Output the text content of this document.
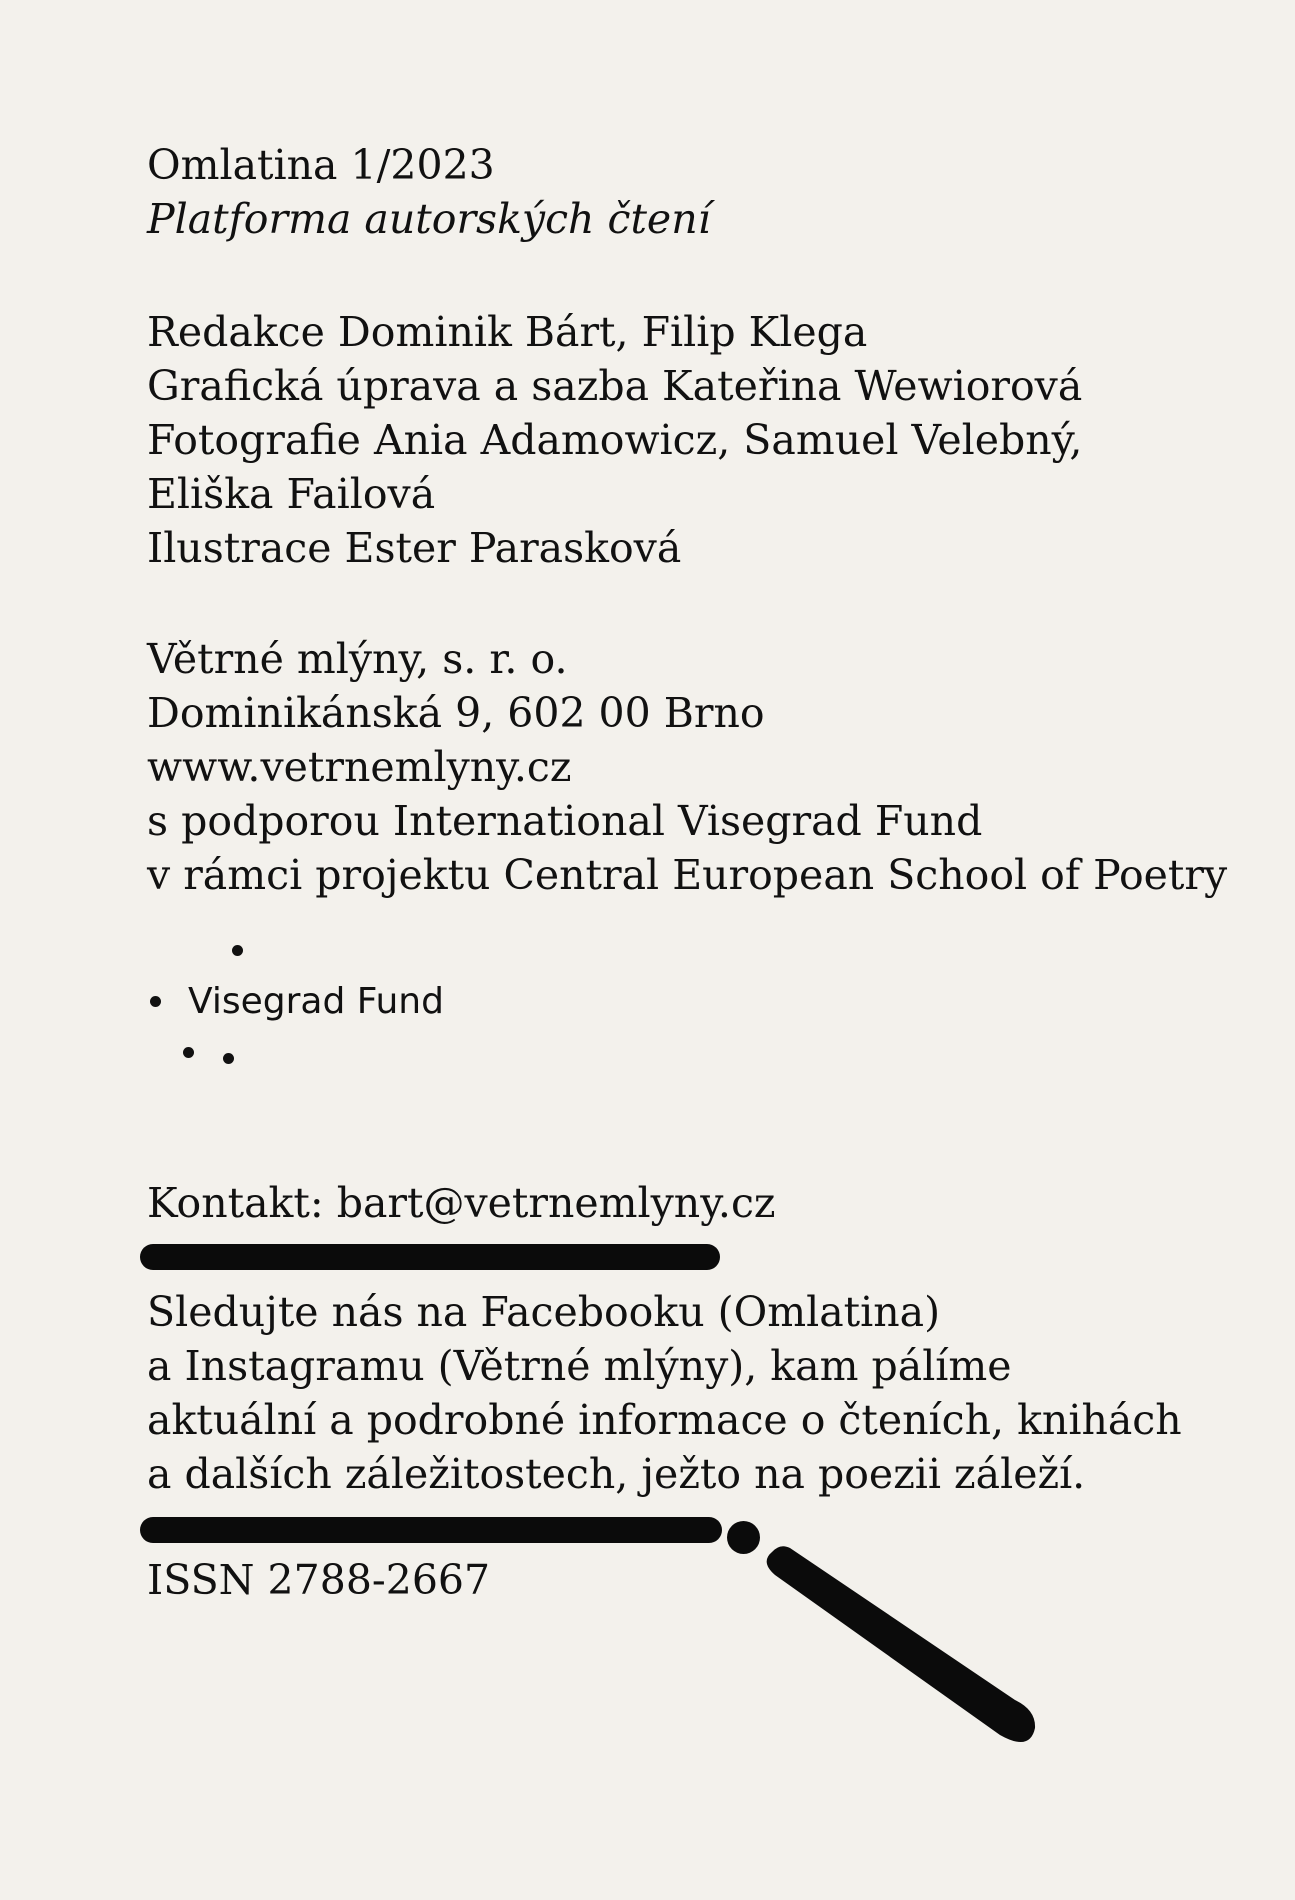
Omlatina 1/2023
Platforma autorských čtení
Redakce Dominik Bárt, Filip Klega
Grafická úprava a sazba Kateřina Wewiorová
Fotografie Ania Adamowicz, Samuel Velebný,
Eliška Failová
Ilustrace Ester Parasková
Větrné mlýny, s. r. o.
Dominikánská 9, 602 00 Brno
www.vetrnemlyny.cz
s podporou International Visegrad Fund
v rámci projektu Central European School of Poetry
Visegrad Fund
Kontakt: bart@vetrnemlyny.cz
Sledujte nás na Facebooku (Omlatina)
a Instagramu (Větrné mlýny), kam pálíme
aktuální a podrobné informace o čteních, knihách
a dalších záležitostech, ježto na poezii záleží.
ISSN 2788-2667
